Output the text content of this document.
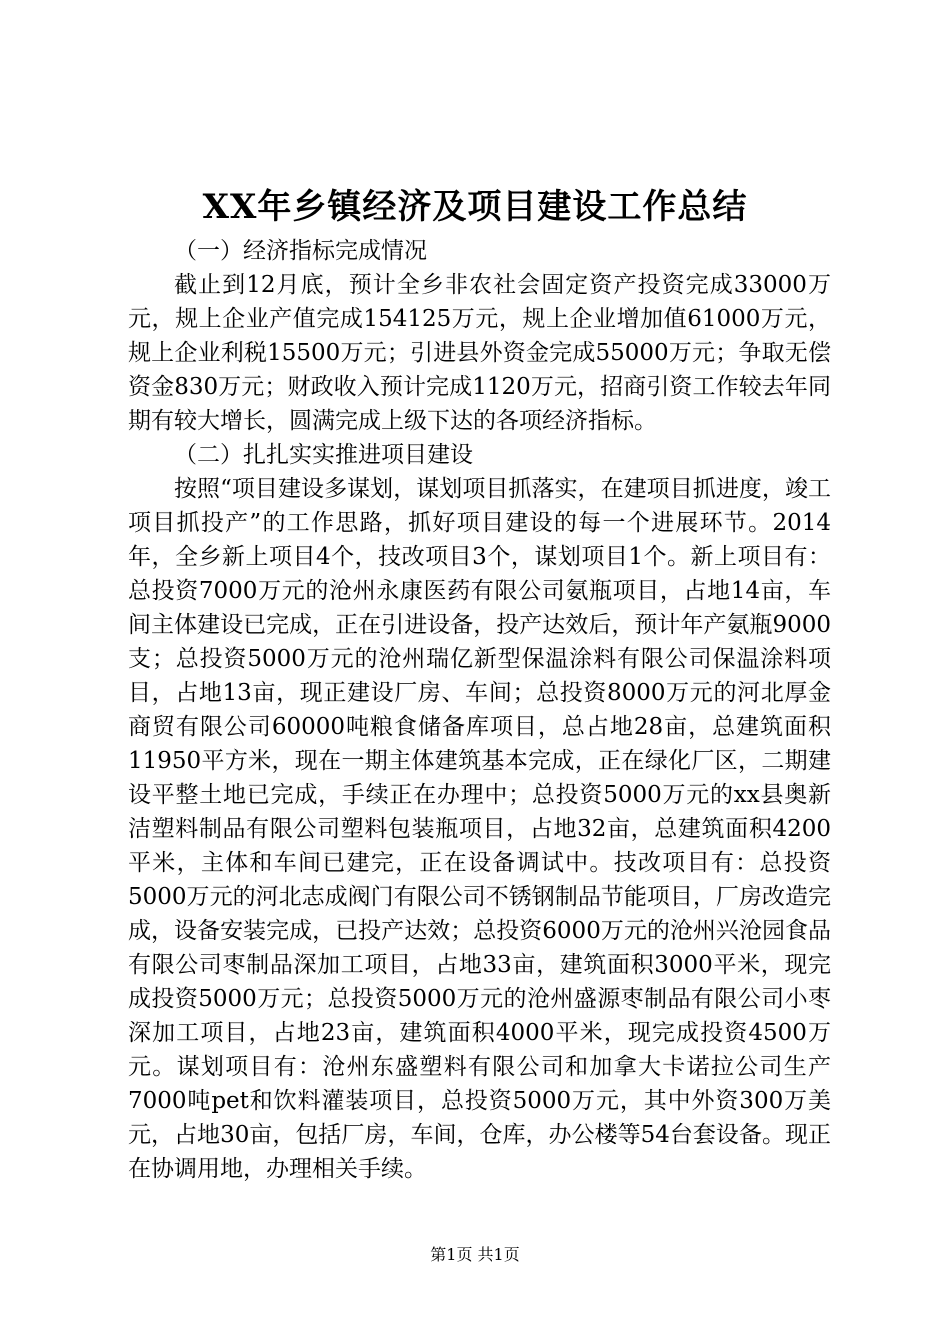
XX年乡镇经济及项目建设工作总结

（一）经济指标完成情况

截止到12月底，预计全乡非农社会固定资产投资完成33000万元，规上企业产值完成154125万元，规上企业增加值61000万元，规上企业利税15500万元；引进县外资金完成55000万元；争取无偿资金830万元；财政收入预计完成1120万元，招商引资工作较去年同期有较大增长，圆满完成上级下达的各项经济指标。

（二）扎扎实实推进项目建设

按照“项目建设多谋划，谋划项目抓落实，在建项目抓进度，竣工项目抓投产”的工作思路，抓好项目建设的每一个进展环节。2014年，全乡新上项目4个，技改项目3个，谋划项目1个。新上项目有：总投资7000万元的沧州永康医药有限公司氨瓶项目，占地14亩，车间主体建设已完成，正在引进设备，投产达效后，预计年产氨瓶9000支；总投资5000万元的沧州瑞亿新型保温涂料有限公司保温涂料项目，占地13亩，现正建设厂房、车间；总投资8000万元的河北厚金商贸有限公司60000吨粮食储备库项目，总占地28亩，总建筑面积11950平方米，现在一期主体建筑基本完成，正在绿化厂区，二期建设平整土地已完成，手续正在办理中；总投资5000万元的xx县奥新洁塑料制品有限公司塑料包装瓶项目，占地32亩，总建筑面积4200平米，主体和车间已建完，正在设备调试中。技改项目有：总投资5000万元的河北志成阀门有限公司不锈钢制品节能项目，厂房改造完成，设备安装完成，已投产达效；总投资6000万元的沧州兴沧园食品有限公司枣制品深加工项目，占地33亩，建筑面积3000平米，现完成投资5000万元；总投资5000万元的沧州盛源枣制品有限公司小枣深加工项目，占地23亩，建筑面积4000平米，现完成投资4500万元。谋划项目有：沧州东盛塑料有限公司和加拿大卡诺拉公司生产7000吨pet和饮料灌装项目，总投资5000万元，其中外资300万美元，占地30亩，包括厂房，车间，仓库，办公楼等54台套设备。现正在协调用地，办理相关手续。

第1页 共1页
